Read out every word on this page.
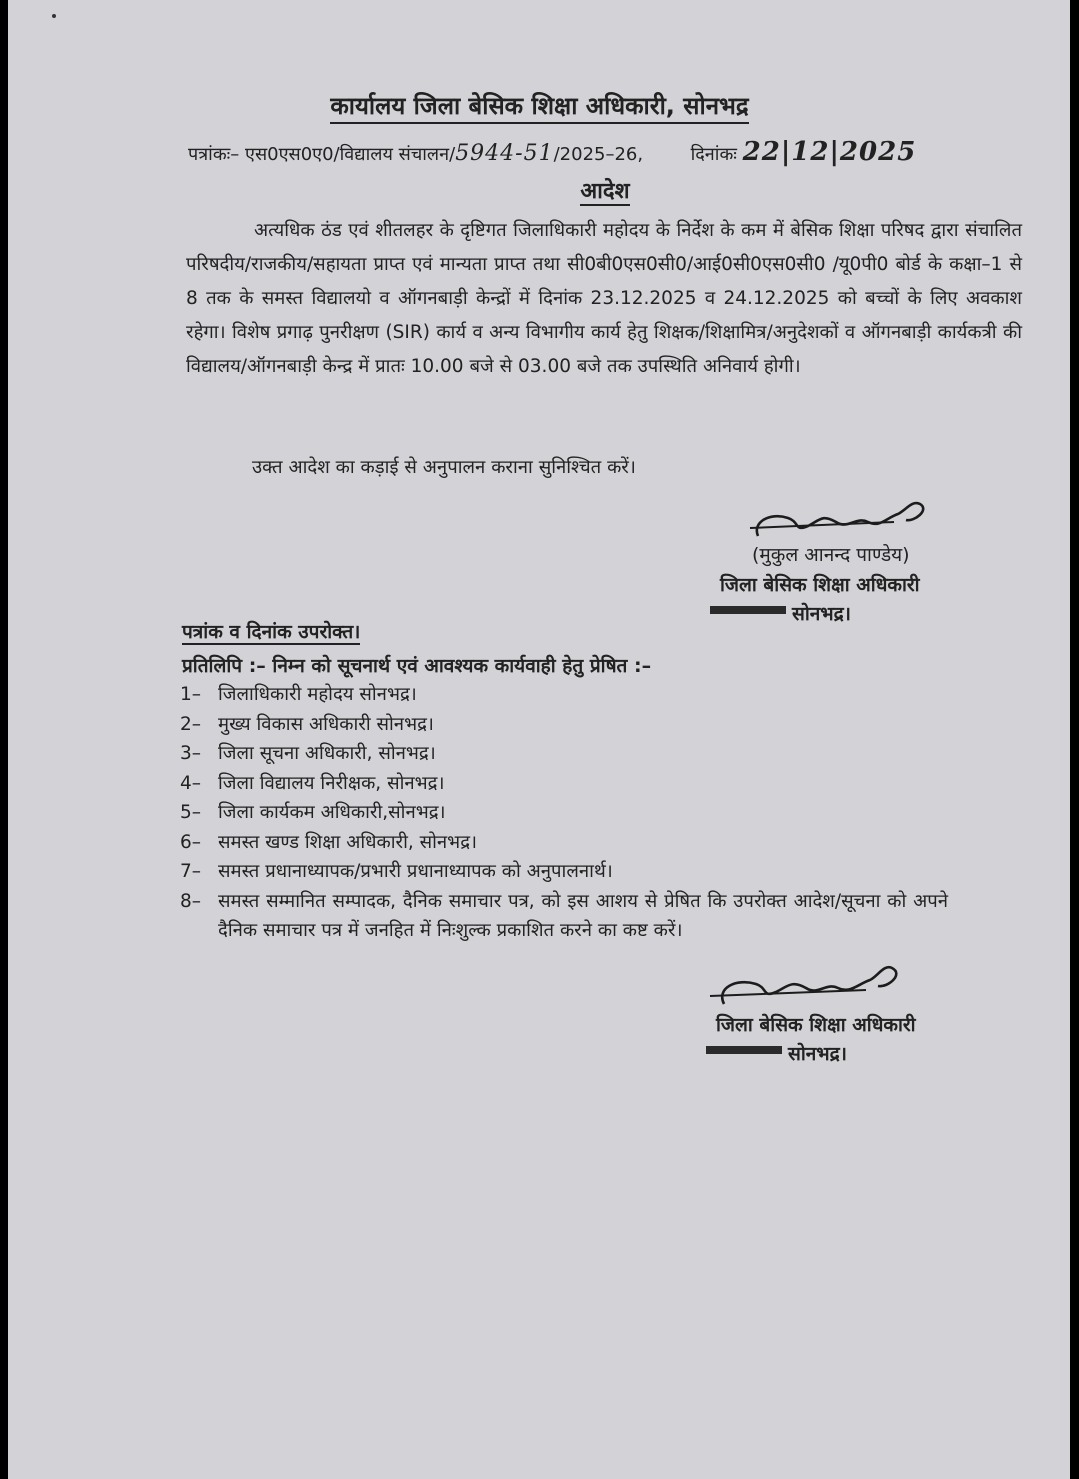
कार्यालय जिला बेसिक शिक्षा अधिकारी, सोनभद्र
पत्रांकः– एस0एस0ए0/विद्यालय संचालन/5944-51/2025–26,	दिनांकः 22|12|2025
आदेश
अत्यधिक ठंड एवं शीतलहर के दृष्टिगत जिलाधिकारी महोदय के निर्देश के कम में बेसिक शिक्षा परिषद द्वारा संचालित परिषदीय/राजकीय/सहायता प्राप्त एवं मान्यता प्राप्त तथा सी0बी0एस0सी0/आई0सी0एस0सी0 /यू0पी0 बोर्ड के कक्षा–1 से 8 तक के समस्त विद्यालयो व ऑगनबाड़ी केन्द्रों में दिनांक 23.12.2025 व 24.12.2025 को बच्चों के लिए अवकाश रहेगा। विशेष प्रगाढ़ पुनरीक्षण (SIR) कार्य व अन्य विभागीय कार्य हेतु शिक्षक/शिक्षामित्र/अनुदेशकों व ऑगनबाड़ी कार्यकत्री की विद्यालय/ऑगनबाड़ी केन्द्र में प्रातः 10.00 बजे से 03.00 बजे तक उपस्थिति अनिवार्य होगी।
उक्त आदेश का कड़ाई से अनुपालन कराना सुनिश्चित करें।
(मुकुल आनन्द पाण्डेय)
जिला बेसिक शिक्षा अधिकारी
सोनभद्र।
पत्रांक व दिनांक उपरोक्त।
प्रतिलिपि :– निम्न को सूचनार्थ एवं आवश्यक कार्यवाही हेतु प्रेषित :–
1– जिलाधिकारी महोदय सोनभद्र।
2– मुख्य विकास अधिकारी सोनभद्र।
3– जिला सूचना अधिकारी, सोनभद्र।
4– जिला विद्यालय निरीक्षक, सोनभद्र।
5– जिला कार्यकम अधिकारी,सोनभद्र।
6– समस्त खण्ड शिक्षा अधिकारी, सोनभद्र।
7– समस्त प्रधानाध्यापक/प्रभारी प्रधानाध्यापक को अनुपालनार्थ।
8– समस्त सम्मानित सम्पादक, दैनिक समाचार पत्र, को इस आशय से प्रेषित कि उपरोक्त आदेश/सूचना को अपने दैनिक समाचार पत्र में जनहित में निःशुल्क प्रकाशित करने का कष्ट करें।
जिला बेसिक शिक्षा अधिकारी
सोनभद्र।
